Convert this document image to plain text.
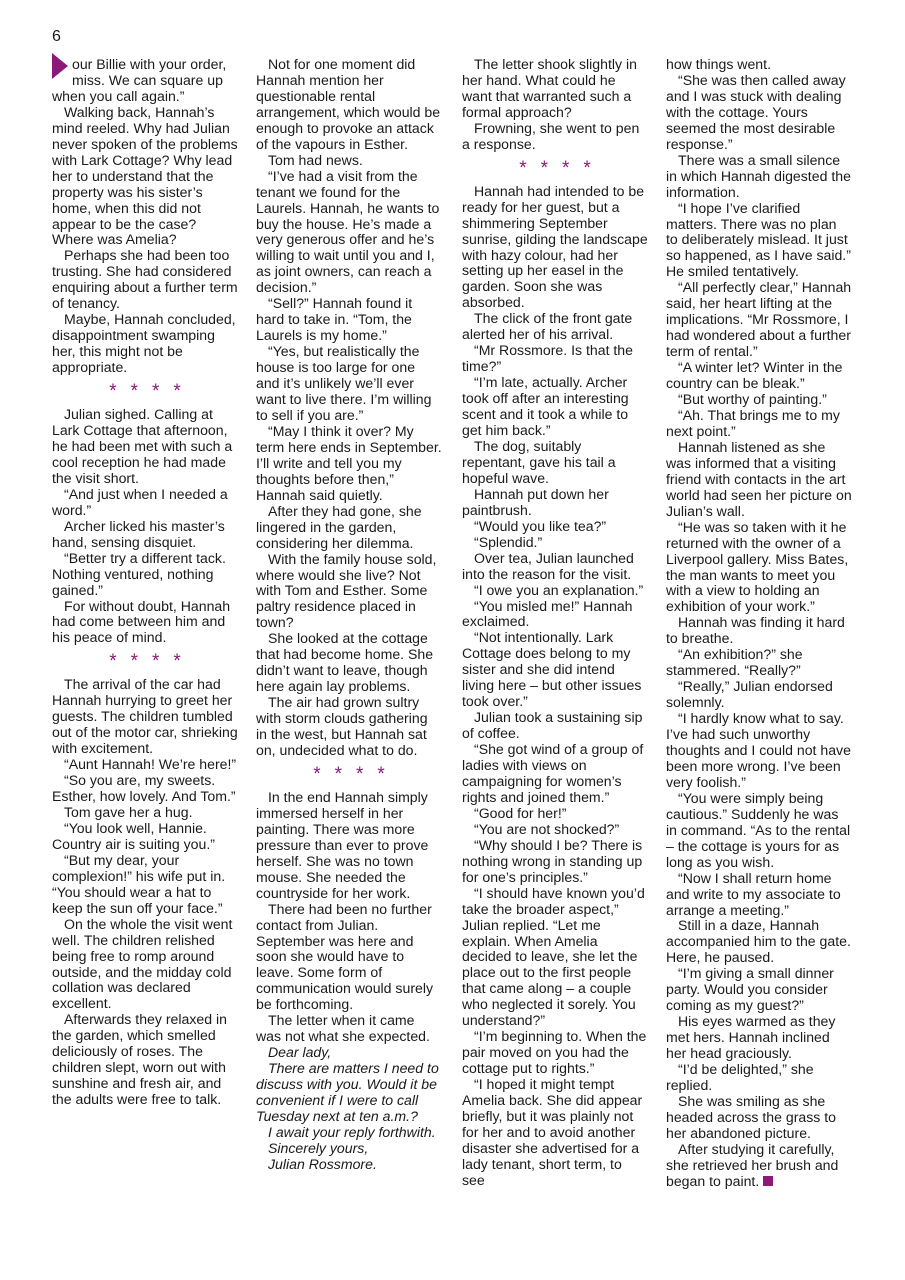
6

our Billie with your order, miss. We can square up when you call again.”

Walking back, Hannah’s mind reeled. Why had Julian never spoken of the problems with Lark Cottage? Why lead her to understand that the property was his sister’s home, when this did not appear to be the case? Where was Amelia?

Perhaps she had been too trusting. She had considered enquiring about a further term of tenancy.

Maybe, Hannah concluded, disappointment swamping her, this might not be appropriate.

****

Julian sighed. Calling at Lark Cottage that afternoon, he had been met with such a cool reception he had made the visit short.

“And just when I needed a word.”

Archer licked his master’s hand, sensing disquiet.

“Better try a different tack. Nothing ventured, nothing gained.”

For without doubt, Hannah had come between him and his peace of mind.

****

The arrival of the car had Hannah hurrying to greet her guests. The children tumbled out of the motor car, shrieking with excitement.

“Aunt Hannah! We’re here!”

“So you are, my sweets. Esther, how lovely. And Tom.”

Tom gave her a hug.

“You look well, Hannie. Country air is suiting you.”

“But my dear, your complexion!” his wife put in. “You should wear a hat to keep the sun off your face.”

On the whole the visit went well. The children relished being free to romp around outside, and the midday cold collation was declared excellent.

Afterwards they relaxed in the garden, which smelled deliciously of roses. The children slept, worn out with sunshine and fresh air, and the adults were free to talk.

Not for one moment did Hannah mention her questionable rental arrangement, which would be enough to provoke an attack of the vapours in Esther.

Tom had news.

“I’ve had a visit from the tenant we found for the Laurels. Hannah, he wants to buy the house. He’s made a very generous offer and he’s willing to wait until you and I, as joint owners, can reach a decision.”

“Sell?” Hannah found it hard to take in. “Tom, the Laurels is my home.”

“Yes, but realistically the house is too large for one and it’s unlikely we’ll ever want to live there. I’m willing to sell if you are.”

“May I think it over? My term here ends in September. I’ll write and tell you my thoughts before then,” Hannah said quietly.

After they had gone, she lingered in the garden, considering her dilemma.

With the family house sold, where would she live? Not with Tom and Esther. Some paltry residence placed in town?

She looked at the cottage that had become home. She didn’t want to leave, though here again lay problems.

The air had grown sultry with storm clouds gathering in the west, but Hannah sat on, undecided what to do.

****

In the end Hannah simply immersed herself in her painting. There was more pressure than ever to prove herself. She was no town mouse. She needed the countryside for her work.

There had been no further contact from Julian. September was here and soon she would have to leave. Some form of communication would surely be forthcoming.

The letter when it came was not what she expected.

Dear lady,

There are matters I need to discuss with you. Would it be convenient if I were to call Tuesday next at ten a.m.?

I await your reply forthwith.

Sincerely yours,

Julian Rossmore.

The letter shook slightly in her hand. What could he want that warranted such a formal approach?

Frowning, she went to pen a response.

****

Hannah had intended to be ready for her guest, but a shimmering September sunrise, gilding the landscape with hazy colour, had her setting up her easel in the garden. Soon she was absorbed.

The click of the front gate alerted her of his arrival.

“Mr Rossmore. Is that the time?”

“I’m late, actually. Archer took off after an interesting scent and it took a while to get him back.”

The dog, suitably repentant, gave his tail a hopeful wave.

Hannah put down her paintbrush.

“Would you like tea?”

“Splendid.”

Over tea, Julian launched into the reason for the visit.

“I owe you an explanation.”

“You misled me!” Hannah exclaimed.

“Not intentionally. Lark Cottage does belong to my sister and she did intend living here – but other issues took over.”

Julian took a sustaining sip of coffee.

“She got wind of a group of ladies with views on campaigning for women’s rights and joined them.”

“Good for her!”

“You are not shocked?”

“Why should I be? There is nothing wrong in standing up for one’s principles.”

“I should have known you’d take the broader aspect,” Julian replied. “Let me explain. When Amelia decided to leave, she let the place out to the first people that came along – a couple who neglected it sorely. You understand?”

“I’m beginning to. When the pair moved on you had the cottage put to rights.”

“I hoped it might tempt Amelia back. She did appear briefly, but it was plainly not for her and to avoid another disaster she advertised for a lady tenant, short term, to see

how things went.

“She was then called away and I was stuck with dealing with the cottage. Yours seemed the most desirable response.”

There was a small silence in which Hannah digested the information.

“I hope I’ve clarified matters. There was no plan to deliberately mislead. It just so happened, as I have said.” He smiled tentatively.

“All perfectly clear,” Hannah said, her heart lifting at the implications. “Mr Rossmore, I had wondered about a further term of rental.”

“A winter let? Winter in the country can be bleak.”

“But worthy of painting.”

“Ah. That brings me to my next point.”

Hannah listened as she was informed that a visiting friend with contacts in the art world had seen her picture on Julian’s wall.

“He was so taken with it he returned with the owner of a Liverpool gallery. Miss Bates, the man wants to meet you with a view to holding an exhibition of your work.”

Hannah was finding it hard to breathe.

“An exhibition?” she stammered. “Really?”

“Really,” Julian endorsed solemnly.

“I hardly know what to say. I’ve had such unworthy thoughts and I could not have been more wrong. I’ve been very foolish.”

“You were simply being cautious.” Suddenly he was in command. “As to the rental – the cottage is yours for as long as you wish.

“Now I shall return home and write to my associate to arrange a meeting.”

Still in a daze, Hannah accompanied him to the gate. Here, he paused.

“I’m giving a small dinner party. Would you consider coming as my guest?”

His eyes warmed as they met hers. Hannah inclined her head graciously.

“I’d be delighted,” she replied.

She was smiling as she headed across the grass to her abandoned picture.

After studying it carefully, she retrieved her brush and began to paint.
